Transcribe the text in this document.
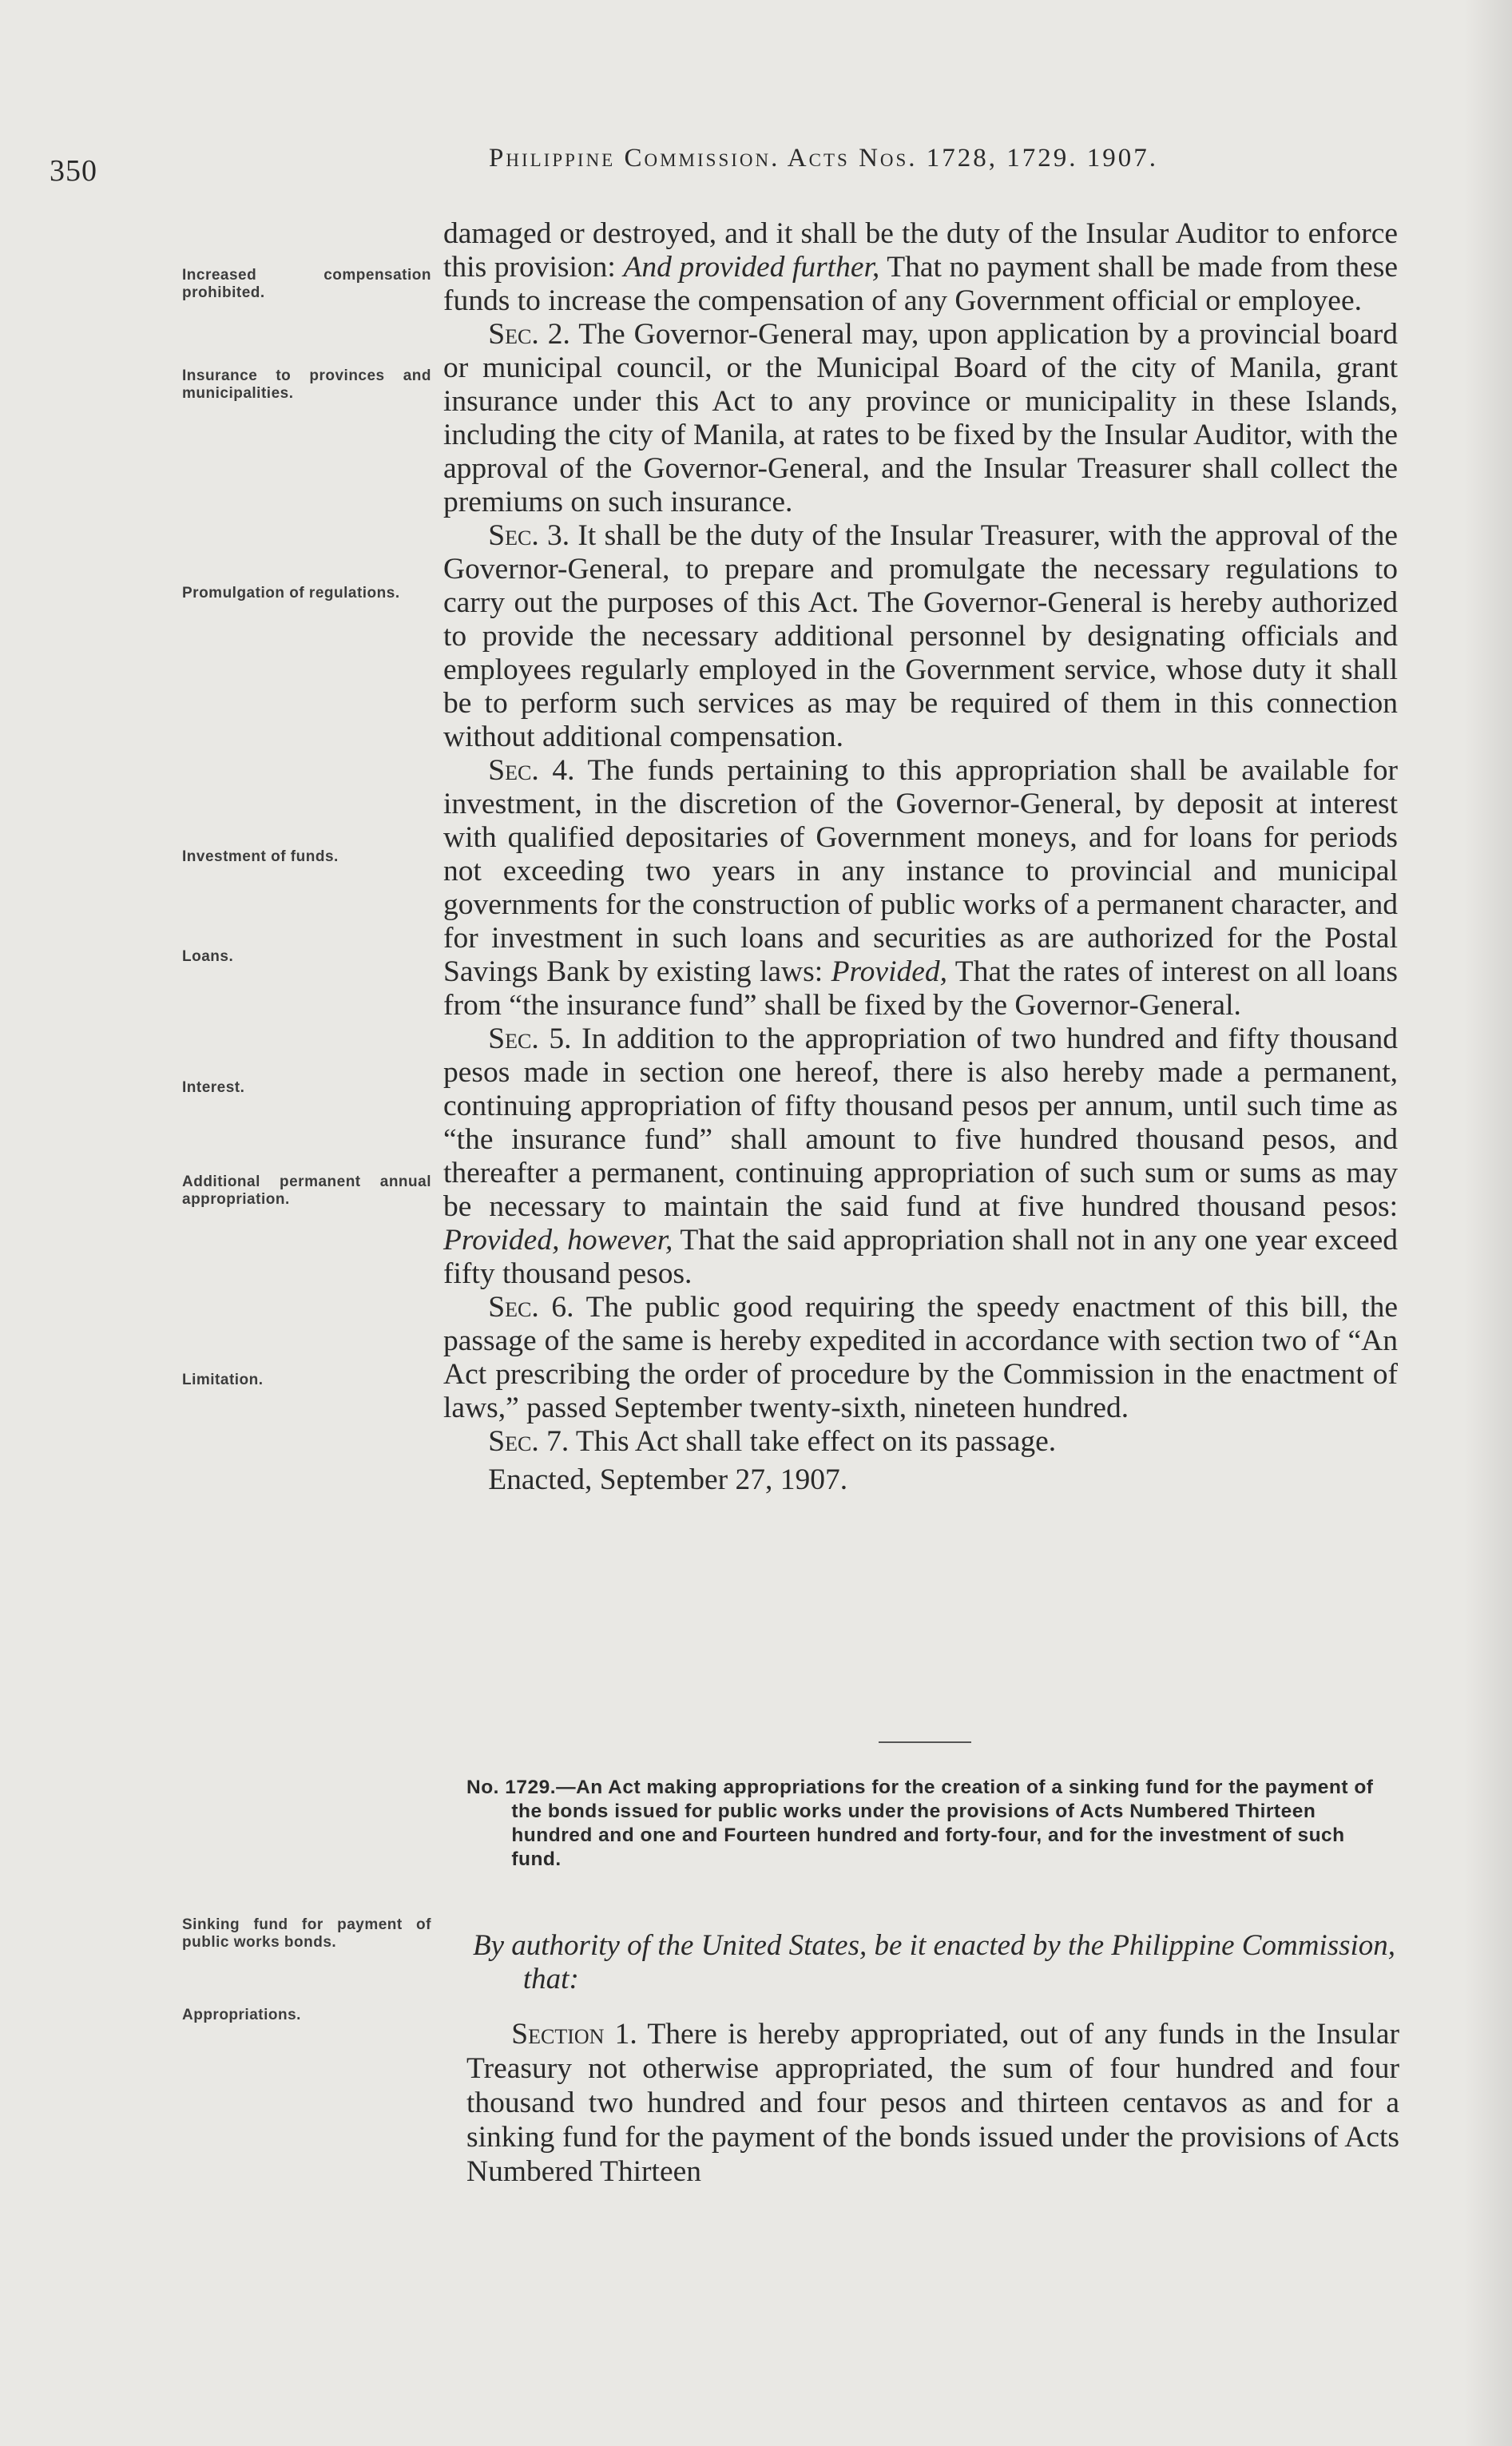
350	Philippine Commission. Acts Nos. 1728, 1729. 1907.
Increased compensation prohibited.
Insurance to provinces and municipalities.
Promulgation of regulations.
Investment of funds.
Loans.
Interest.
Additional permanent annual appropriation.
Limitation.
Sinking fund for payment of public works bonds.
Appropriations.

damaged or destroyed, and it shall be the duty of the Insular Auditor to enforce this provision: And provided further, That no payment shall be made from these funds to increase the compensation of any Government official or employee.

Sec. 2. The Governor-General may, upon application by a provincial board or municipal council, or the Municipal Board of the city of Manila, grant insurance under this Act to any province or municipality in these Islands, including the city of Manila, at rates to be fixed by the Insular Auditor, with the approval of the Governor-General, and the Insular Treasurer shall collect the premiums on such insurance.

Sec. 3. It shall be the duty of the Insular Treasurer, with the approval of the Governor-General, to prepare and promulgate the necessary regulations to carry out the purposes of this Act. The Governor-General is hereby authorized to provide the necessary additional personnel by designating officials and employees regularly employed in the Government service, whose duty it shall be to perform such services as may be required of them in this connection without additional compensation.

Sec. 4. The funds pertaining to this appropriation shall be available for investment, in the discretion of the Governor-General, by deposit at interest with qualified depositaries of Government moneys, and for loans for periods not exceeding two years in any instance to provincial and municipal governments for the construction of public works of a permanent character, and for investment in such loans and securities as are authorized for the Postal Savings Bank by existing laws: Provided, That the rates of interest on all loans from “the insurance fund” shall be fixed by the Governor-General.

Sec. 5. In addition to the appropriation of two hundred and fifty thousand pesos made in section one hereof, there is also hereby made a permanent, continuing appropriation of fifty thousand pesos per annum, until such time as “the insurance fund” shall amount to five hundred thousand pesos, and thereafter a permanent, continuing appropriation of such sum or sums as may be necessary to maintain the said fund at five hundred thousand pesos: Provided, however, That the said appropriation shall not in any one year exceed fifty thousand pesos.

Sec. 6. The public good requiring the speedy enactment of this bill, the passage of the same is hereby expedited in accordance with section two of “An Act prescribing the order of procedure by the Commission in the enactment of laws,” passed September twenty-sixth, nineteen hundred.

Sec. 7. This Act shall take effect on its passage.

Enacted, September 27, 1907.

No. 1729.—An Act making appropriations for the creation of a sinking fund for the payment of the bonds issued for public works under the provisions of Acts Numbered Thirteen hundred and one and Fourteen hundred and forty-four, and for the investment of such fund.
By authority of the United States, be it enacted by the Philippine Commission, that:

Section 1. There is hereby appropriated, out of any funds in the Insular Treasury not otherwise appropriated, the sum of four hundred and four thousand two hundred and four pesos and thirteen centavos as and for a sinking fund for the payment of the bonds issued under the provisions of Acts Numbered Thirteen
